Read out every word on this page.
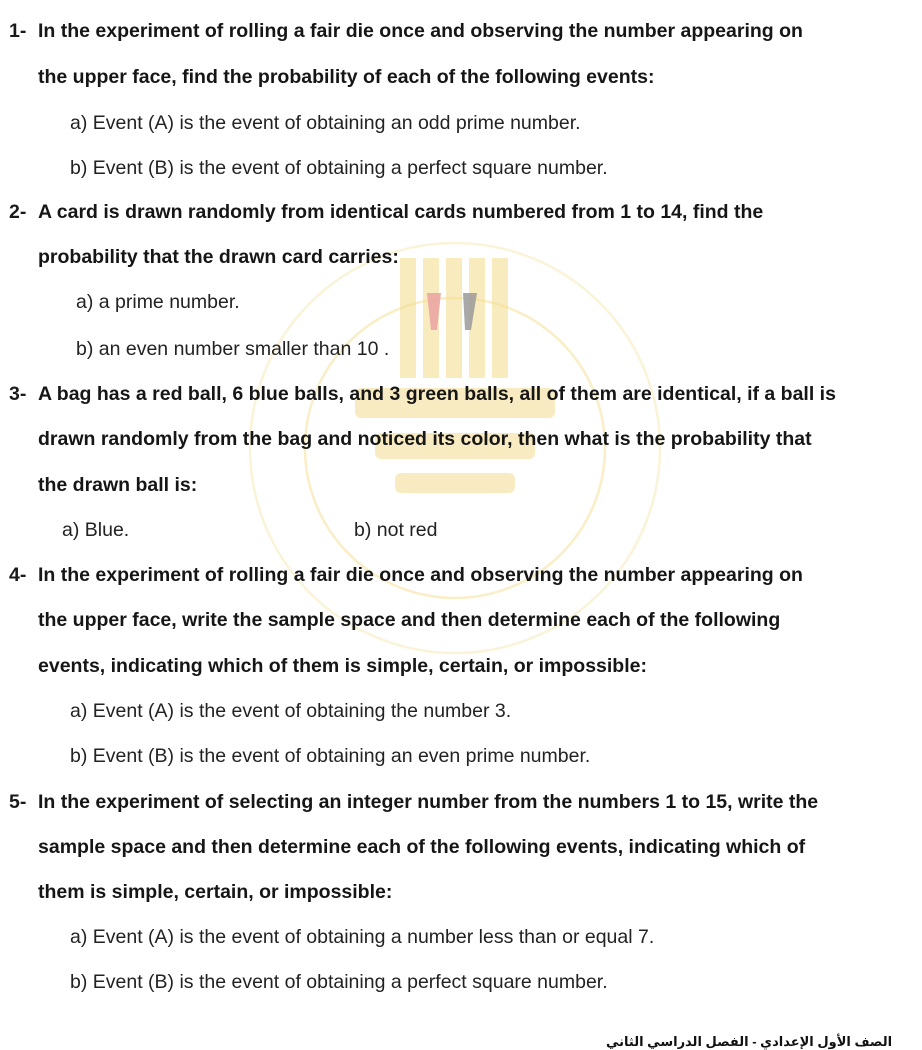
1- In the experiment of rolling a fair die once and observing the number appearing on
the upper face, find the probability of each of the following events:
a) Event (A) is the event of obtaining an odd prime number.
b) Event (B) is the event of obtaining a perfect square number.
2- A card is drawn randomly from identical cards numbered from 1 to 14, find the
probability that the drawn card carries:
a) a prime number.
b) an even number smaller than 10 .
3- A bag has a red ball, 6 blue balls, and 3 green balls, all of them are identical, if a ball is
drawn randomly from the bag and noticed its color, then what is the probability that
the drawn ball is:
a) Blue.	b) not red
4- In the experiment of rolling a fair die once and observing the number appearing on
the upper face, write the sample space and then determine each of the following
events, indicating which of them is simple, certain, or impossible:
a) Event (A) is the event of obtaining the number 3.
b) Event (B) is the event of obtaining an even prime number.
5- In the experiment of selecting an integer number from the numbers 1 to 15, write the
sample space and then determine each of the following events, indicating which of
them is simple, certain, or impossible:
a) Event (A) is the event of obtaining a number less than or equal 7.
b) Event (B) is the event of obtaining a perfect square number.
الصف الأول الإعدادي - الفصل الدراسي الثاني
